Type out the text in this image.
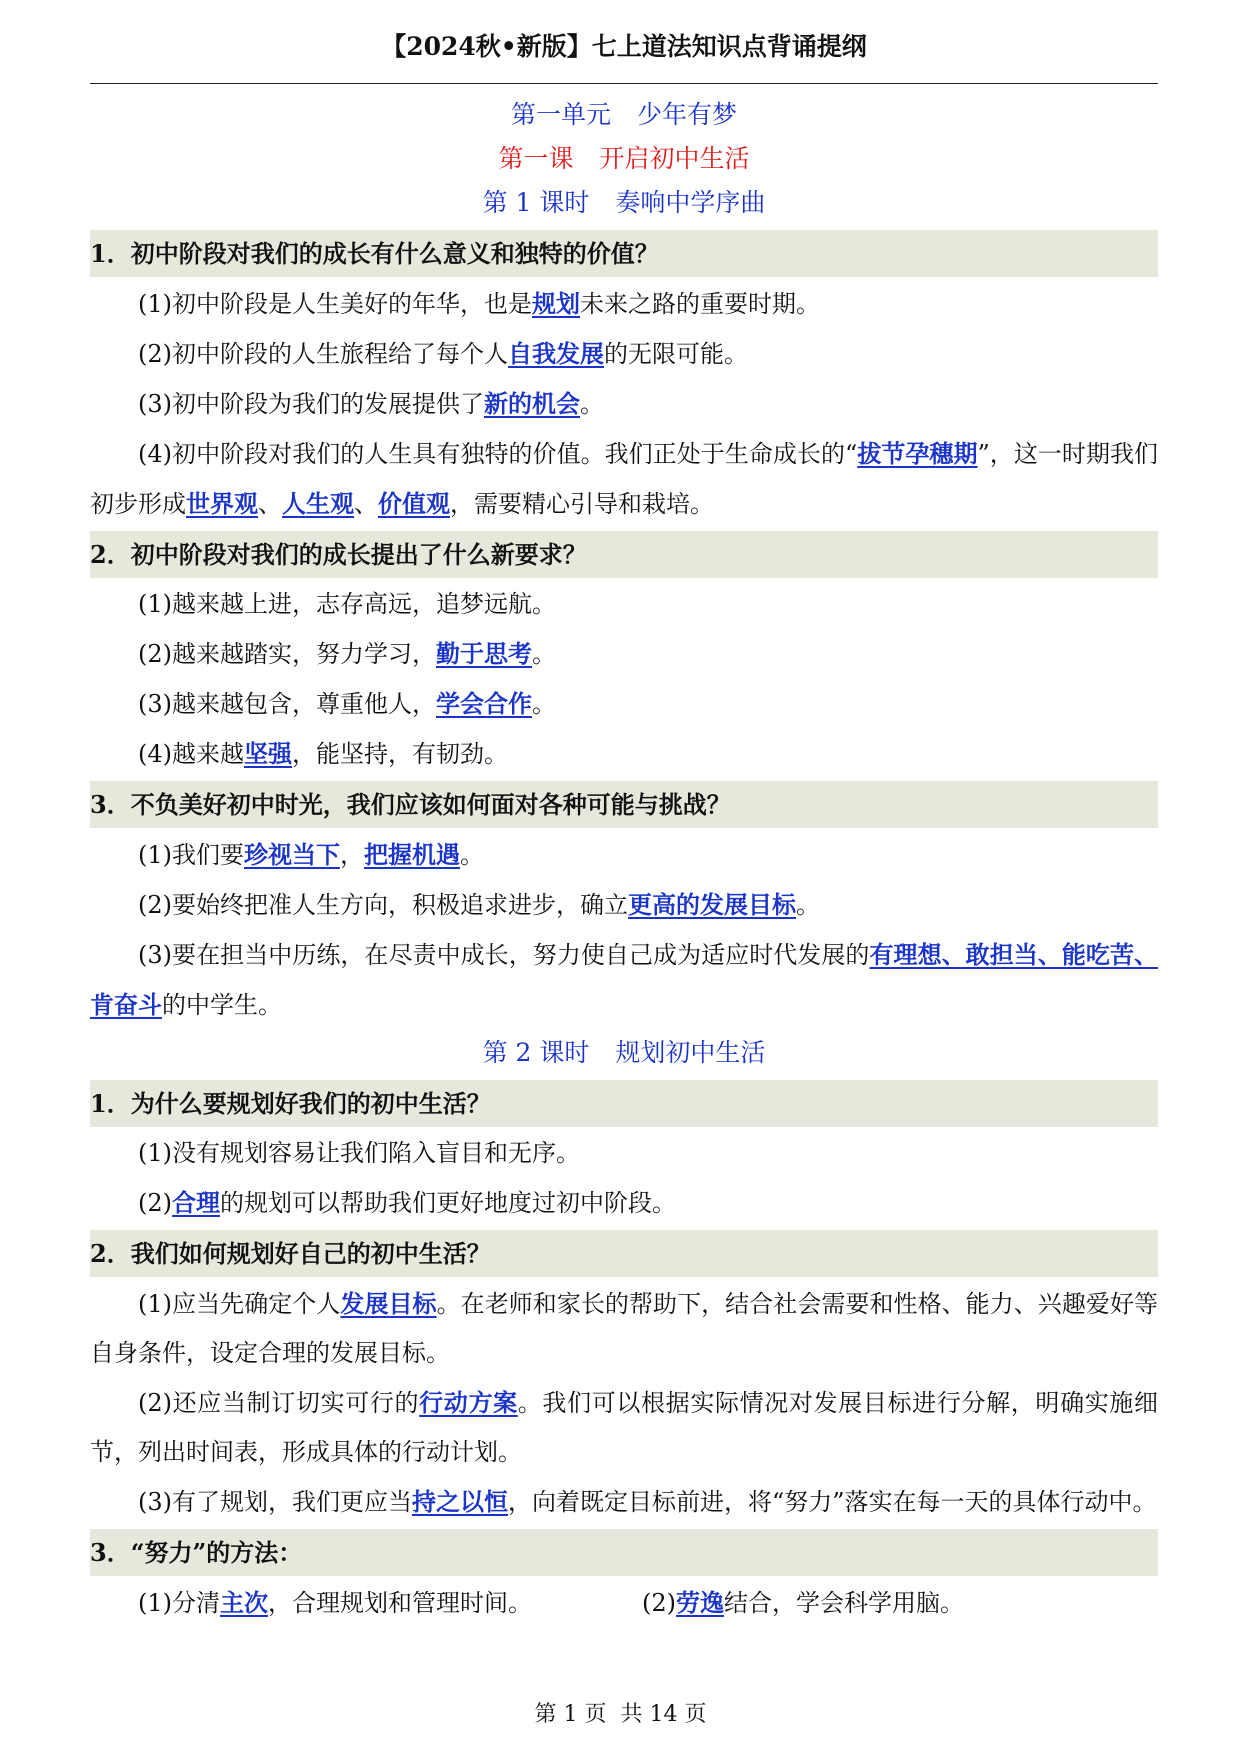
【2024秋•新版】七上道法知识点背诵提纲
第一单元 少年有梦
第一课 开启初中生活
第 1 课时 奏响中学序曲
1．初中阶段对我们的成长有什么意义和独特的价值？
(1)初中阶段是人生美好的年华，也是规划未来之路的重要时期。
(2)初中阶段的人生旅程给了每个人自我发展的无限可能。
(3)初中阶段为我们的发展提供了新的机会。
(4)初中阶段对我们的人生具有独特的价值。我们正处于生命成长的“拔节孕穗期”，这一时期我们初步形成世界观、人生观、价值观，需要精心引导和栽培。
2．初中阶段对我们的成长提出了什么新要求？
(1)越来越上进，志存高远，追梦远航。
(2)越来越踏实，努力学习，勤于思考。
(3)越来越包含，尊重他人，学会合作。
(4)越来越坚强，能坚持，有韧劲。
3．不负美好初中时光，我们应该如何面对各种可能与挑战？
(1)我们要珍视当下，把握机遇。
(2)要始终把准人生方向，积极追求进步，确立更高的发展目标。
(3)要在担当中历练，在尽责中成长，努力使自己成为适应时代发展的有理想、敢担当、能吃苦、肯奋斗的中学生。
第 2 课时 规划初中生活
1．为什么要规划好我们的初中生活？
(1)没有规划容易让我们陷入盲目和无序。
(2)合理的规划可以帮助我们更好地度过初中阶段。
2．我们如何规划好自己的初中生活？
(1)应当先确定个人发展目标。在老师和家长的帮助下，结合社会需要和性格、能力、兴趣爱好等自身条件，设定合理的发展目标。
(2)还应当制订切实可行的行动方案。我们可以根据实际情况对发展目标进行分解，明确实施细节，列出时间表，形成具体的行动计划。
(3)有了规划，我们更应当持之以恒，向着既定目标前进，将“努力”落实在每一天的具体行动中。
3．“努力”的方法：
(1)分清主次，合理规划和管理时间。	(2)劳逸结合，学会科学用脑。
第 1 页 共 14 页
